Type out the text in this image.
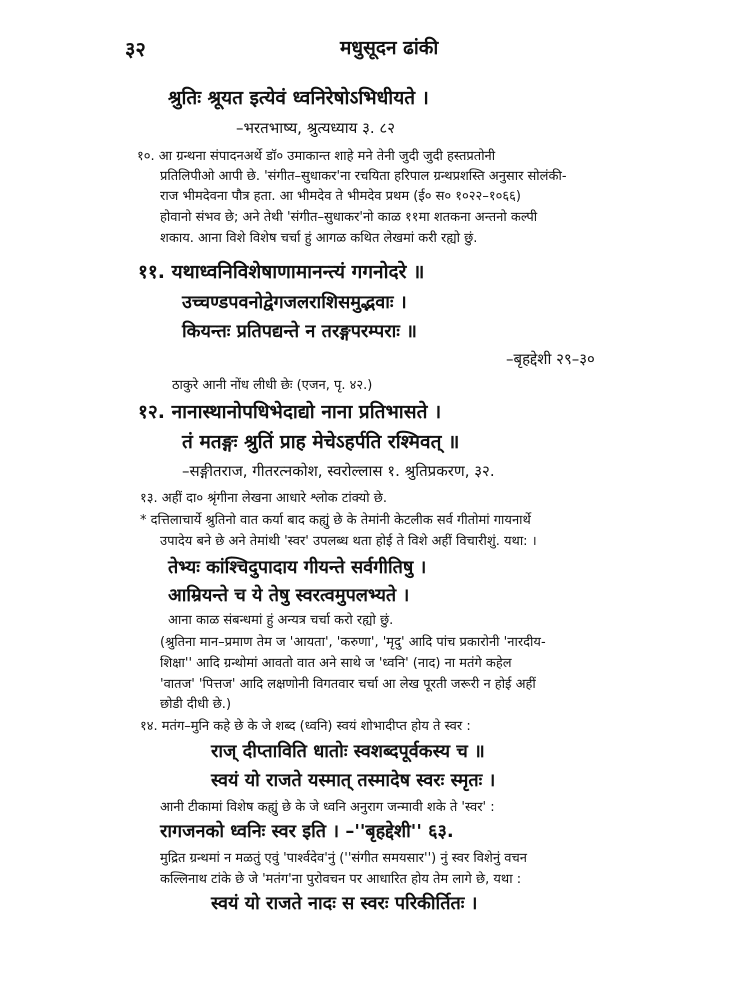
३२	मधुसूदन ढांकी
श्रुतिः श्रूयत इत्येवं ध्वनिरेषोऽभिधीयते ।
–भरतभाष्य, श्रुत्यध्याय ३. ८२
१०. आ ग्रन्थना संपादनअर्थे डॉ० उमाकान्त शाहे मने तेनी जुदी जुदी हस्तप्रतोनी
प्रतिलिपीओ आपी छे. 'संगीत–सुधाकर'ना रचयिता हरिपाल ग्रन्थप्रशस्ति अनुसार सोलंकी-
राज भीमदेवना पौत्र हता. आ भीमदेव ते भीमदेव प्रथम (ई० स० १०२२–१०६६)
होवानो संभव छे; अने तेथी 'संगीत–सुधाकर'नो काळ ११मा शतकना अन्तनो कल्पी
शकाय. आना विशे विशेष चर्चा हुं आगळ कथित लेखमां करी रह्यो छुं.
११. यथाध्वनिविशेषाणामानन्त्यं गगनोदरे ॥
उच्चण्डपवनोद्वेगजलराशिसमुद्भवाः ।
कियन्तः प्रतिपद्यन्ते न तरङ्गपरम्पराः ॥
–बृहद्देशी २९–३०
ठाकुरे आनी नोंध लीधी छेः (एजन, पृ. ४२.)
१२. नानास्थानोपधिभेदाद्यो नाना प्रतिभासते ।
तं मतङ्गः श्रुतिं प्राह मेचेऽहर्पति रश्मिवत् ॥
–सङ्गीतराज, गीतरत्नकोश, स्वरोल्लास १. श्रुतिप्रकरण, ३२.
१३. अहीं दा० श्रृंगीना लेखना आधारे श्लोक टांक्यो छे.
* दत्तिलाचार्ये श्रुतिनो वात कर्या बाद कह्युं छे के तेमांनी केटलीक सर्व गीतोमां गायनार्थे
उपादेय बने छे अने तेमांथी 'स्वर' उपलब्ध थता होई ते विशे अहीं विचारीशुं. यथा: ।
तेभ्यः कांश्चिदुपादाय गीयन्ते सर्वगीतिषु ।
आम्रियन्ते च ये तेषु स्वरत्वमुपलभ्यते ।
आना काळ संबन्धमां हुं अन्यत्र चर्चा करो रह्यो छुं.
(श्रुतिना मान–प्रमाण तेम ज 'आयता', 'करुणा', 'मृदु' आदि पांच प्रकारोनी 'नारदीय-
शिक्षा'' आदि ग्रन्थोमां आवतो वात अने साथे ज 'ध्वनि' (नाद) ना मतंगे कहेल
'वातज' 'पित्तज' आदि लक्षणोनी विगतवार चर्चा आ लेख पूरती जरूरी न होई अहीं
छोडी दीधी छे.)
१४. मतंग–मुनि कहे छे के जे शब्द (ध्वनि) स्वयं शोभादीप्त होय ते स्वर :
राज् दीप्ताविति धातोः स्वशब्दपूर्वकस्य च ॥
स्वयं यो राजते यस्मात् तस्मादेष स्वरः स्मृतः ।
आनी टीकामां विशेष कह्युं छे के जे ध्वनि अनुराग जन्मावी शके ते 'स्वर' :
रागजनको ध्वनिः स्वर इति । –''बृहद्देशी'' ६३.
मुद्रित ग्रन्थमां न मळतुं एवुं 'पार्श्वदेव'नुं (''संगीत समयसार'') नुं स्वर विशेनुं वचन
कल्लिनाथ टांके छे जे 'मतंग'ना पुरोवचन पर आधारित होय तेम लागे छे, यथा :
स्वयं यो राजते नादः स स्वरः परिकीर्तितः ।
